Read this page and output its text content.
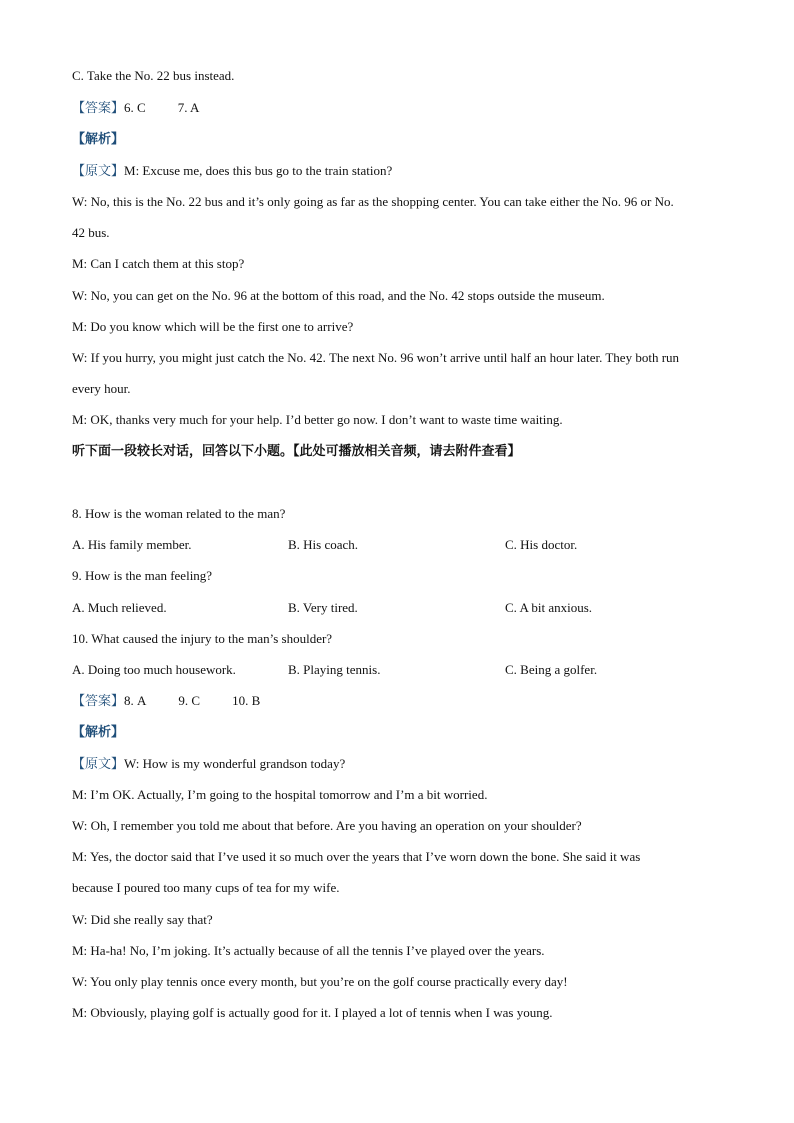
C. Take the No. 22 bus instead.
【答案】6. C 7. A
【解析】
【原文】M: Excuse me, does this bus go to the train station?
W: No, this is the No. 22 bus and it’s only going as far as the shopping center. You can take either the No. 96 or No.
42 bus.
M: Can I catch them at this stop?
W: No, you can get on the No. 96 at the bottom of this road, and the No. 42 stops outside the museum.
M: Do you know which will be the first one to arrive?
W: If you hurry, you might just catch the No. 42. The next No. 96 won’t arrive until half an hour later. They both run
every hour.
M: OK, thanks very much for your help. I’d better go now. I don’t want to waste time waiting.
听下面一段较长对话，回答以下小题。【此处可播放相关音频，请去附件查看】
8. How is the woman related to the man?
A. His family member.	B. His coach.	C. His doctor.
9. How is the man feeling?
A. Much relieved.	B. Very tired.	C. A bit anxious.
10. What caused the injury to the man’s shoulder?
A. Doing too much housework.	B. Playing tennis.	C. Being a golfer.
【答案】8. A 9. C 10. B
【解析】
【原文】W: How is my wonderful grandson today?
M: I’m OK. Actually, I’m going to the hospital tomorrow and I’m a bit worried.
W: Oh, I remember you told me about that before. Are you having an operation on your shoulder?
M: Yes, the doctor said that I’ve used it so much over the years that I’ve worn down the bone. She said it was
because I poured too many cups of tea for my wife.
W: Did she really say that?
M: Ha-ha! No, I’m joking. It’s actually because of all the tennis I’ve played over the years.
W: You only play tennis once every month, but you’re on the golf course practically every day!
M: Obviously, playing golf is actually good for it. I played a lot of tennis when I was young.
